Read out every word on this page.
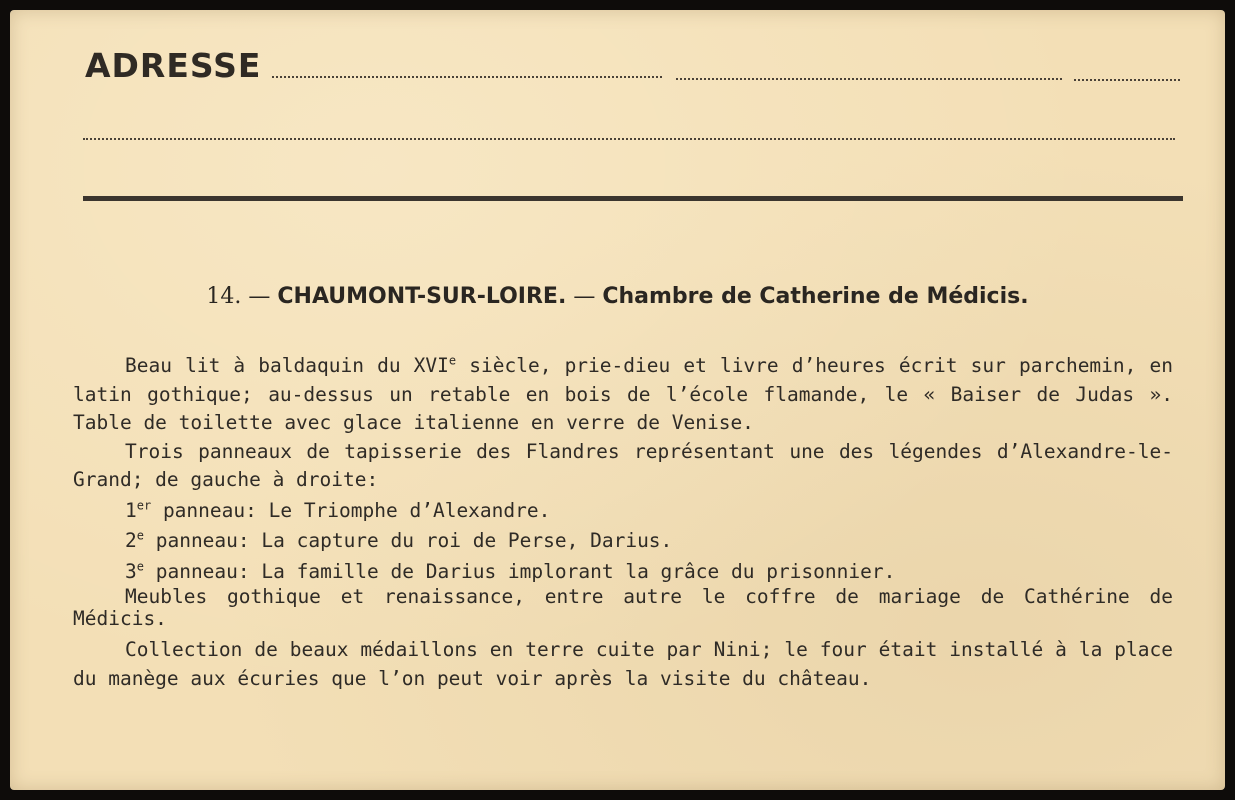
ADRESSE
14. — CHAUMONT-SUR-LOIRE. — Chambre de Catherine de Médicis.

Beau lit à baldaquin du XVIe siècle, prie-dieu et livre d’heures écrit sur parchemin, en latin gothique; au-dessus un retable en bois de l’école flamande, le « Baiser de Judas ». Table de toilette avec glace italienne en verre de Venise.

Trois panneaux de tapisserie des Flandres représentant une des légendes d’Alexandre-le-Grand; de gauche à droite:

1er panneau: Le Triomphe d’Alexandre.

2e panneau: La capture du roi de Perse, Darius.

3e panneau: La famille de Darius implorant la grâce du prisonnier.

Meubles gothique et renaissance, entre autre le coffre de mariage de Cathérine de Médicis.

Collection de beaux médaillons en terre cuite par Nini; le four était installé à la place du manège aux écuries que l’on peut voir après la visite du château.
